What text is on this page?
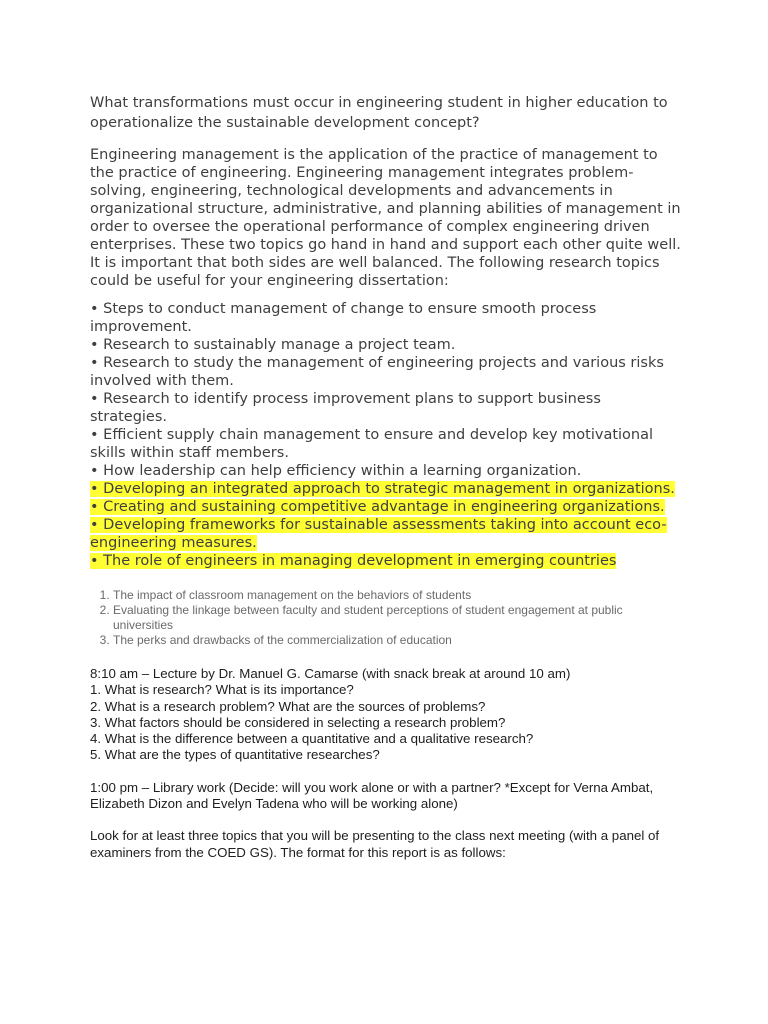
What transformations must occur in engineering student in higher education to operationalize the sustainable development concept?

Engineering management is the application of the practice of management to the practice of engineering. Engineering management integrates problem-solving, engineering, technological developments and advancements in organizational structure, administrative, and planning abilities of management in order to oversee the operational performance of complex engineering driven enterprises. These two topics go hand in hand and support each other quite well. It is important that both sides are well balanced. The following research topics could be useful for your engineering dissertation:

• Steps to conduct management of change to ensure smooth process improvement.
• Research to sustainably manage a project team.
• Research to study the management of engineering projects and various risks involved with them.
• Research to identify process improvement plans to support business strategies.
• Efficient supply chain management to ensure and develop key motivational skills within staff members.
• How leadership can help efficiency within a learning organization.
• Developing an integrated approach to strategic management in organizations.
• Creating and sustaining competitive advantage in engineering organizations.
• Developing frameworks for sustainable assessments taking into account eco-engineering measures.
• The role of engineers in managing development in emerging countries
1. The impact of classroom management on the behaviors of students
2. Evaluating the linkage between faculty and student perceptions of student engagement at public universities
3. The perks and drawbacks of the commercialization of education
8:10 am – Lecture by Dr. Manuel G. Camarse (with snack break at around 10 am)
1. What is research? What is its importance?
2. What is a research problem? What are the sources of problems?
3. What factors should be considered in selecting a research problem?
4. What is the difference between a quantitative and a qualitative research?
5. What are the types of quantitative researches?
1:00 pm – Library work (Decide: will you work alone or with a partner? *Except for Verna Ambat, Elizabeth Dizon and Evelyn Tadena who will be working alone)
Look for at least three topics that you will be presenting to the class next meeting (with a panel of examiners from the COED GS). The format for this report is as follows:
